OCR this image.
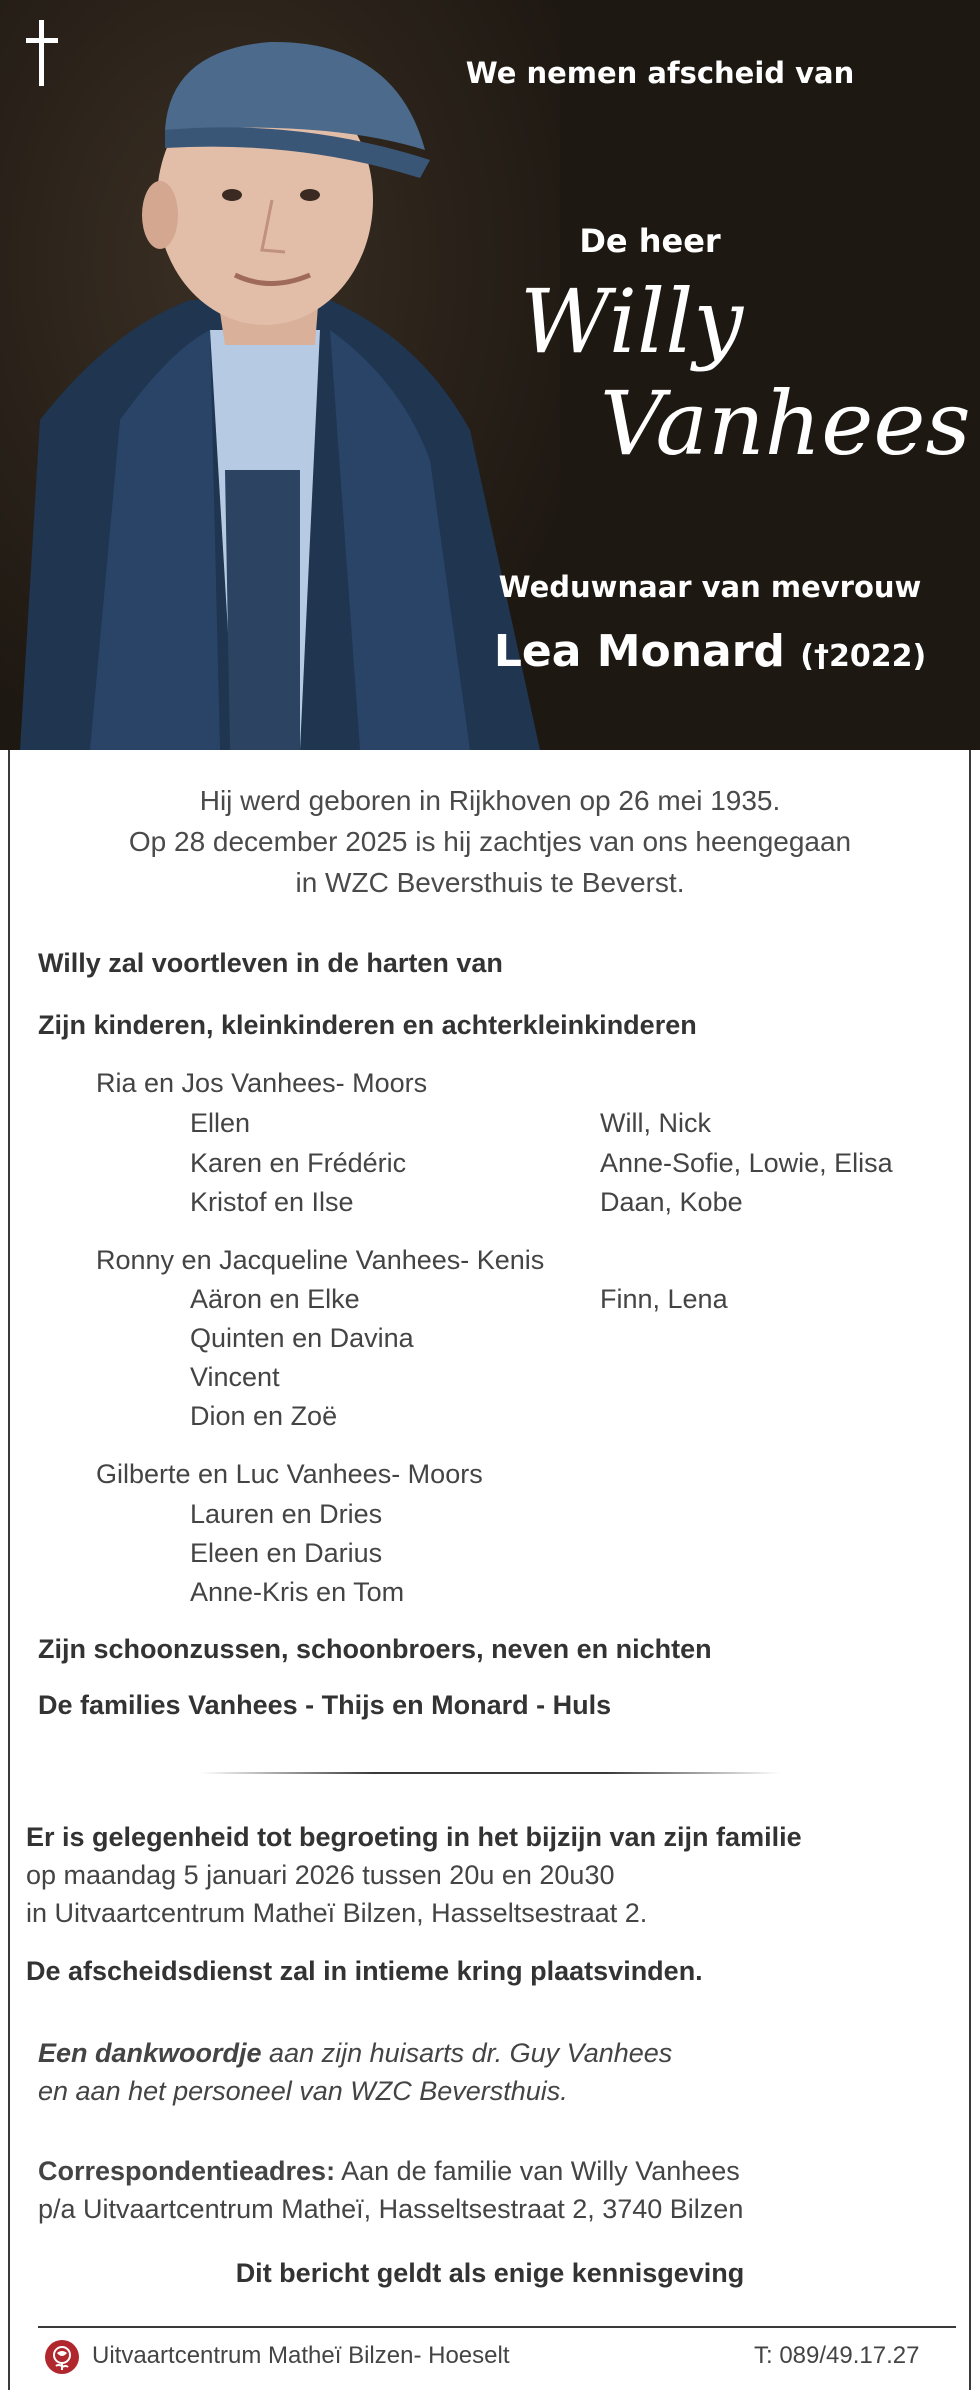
We nemen afscheid van
De heer
Willy
Vanhees
Weduwnaar van mevrouw
Lea Monard (†2022)
Hij werd geboren in Rijkhoven op 26 mei 1935.
Op 28 december 2025 is hij zachtjes van ons heengegaan
in WZC Beversthuis te Beverst.
Willy zal voortleven in de harten van
Zijn kinderen, kleinkinderen en achterkleinkinderen
Ria en Jos Vanhees- Moors
Ellen
Karen en Frédéric
Kristof en Ilse
Will, Nick
Anne-Sofie, Lowie, Elisa
Daan, Kobe
Ronny en Jacqueline Vanhees- Kenis
Aäron en Elke
Quinten en Davina
Vincent
Dion en Zoë
Finn, Lena
Gilberte en Luc Vanhees- Moors
Lauren en Dries
Eleen en Darius
Anne-Kris en Tom
Zijn schoonzussen, schoonbroers, neven en nichten
De families Vanhees - Thijs en Monard - Huls
Er is gelegenheid tot begroeting in het bijzijn van zijn familie
op maandag 5 januari 2026 tussen 20u en 20u30
in Uitvaartcentrum Matheï Bilzen, Hasseltsestraat 2.
De afscheidsdienst zal in intieme kring plaatsvinden.
Een dankwoordje aan zijn huisarts dr. Guy Vanhees
en aan het personeel van WZC Beversthuis.
Correspondentieadres: Aan de familie van Willy Vanhees
p/a Uitvaartcentrum Matheï, Hasseltsestraat 2, 3740 Bilzen
Dit bericht geldt als enige kennisgeving
Uitvaartcentrum Matheï Bilzen- Hoeselt	T: 089/49.17.27
